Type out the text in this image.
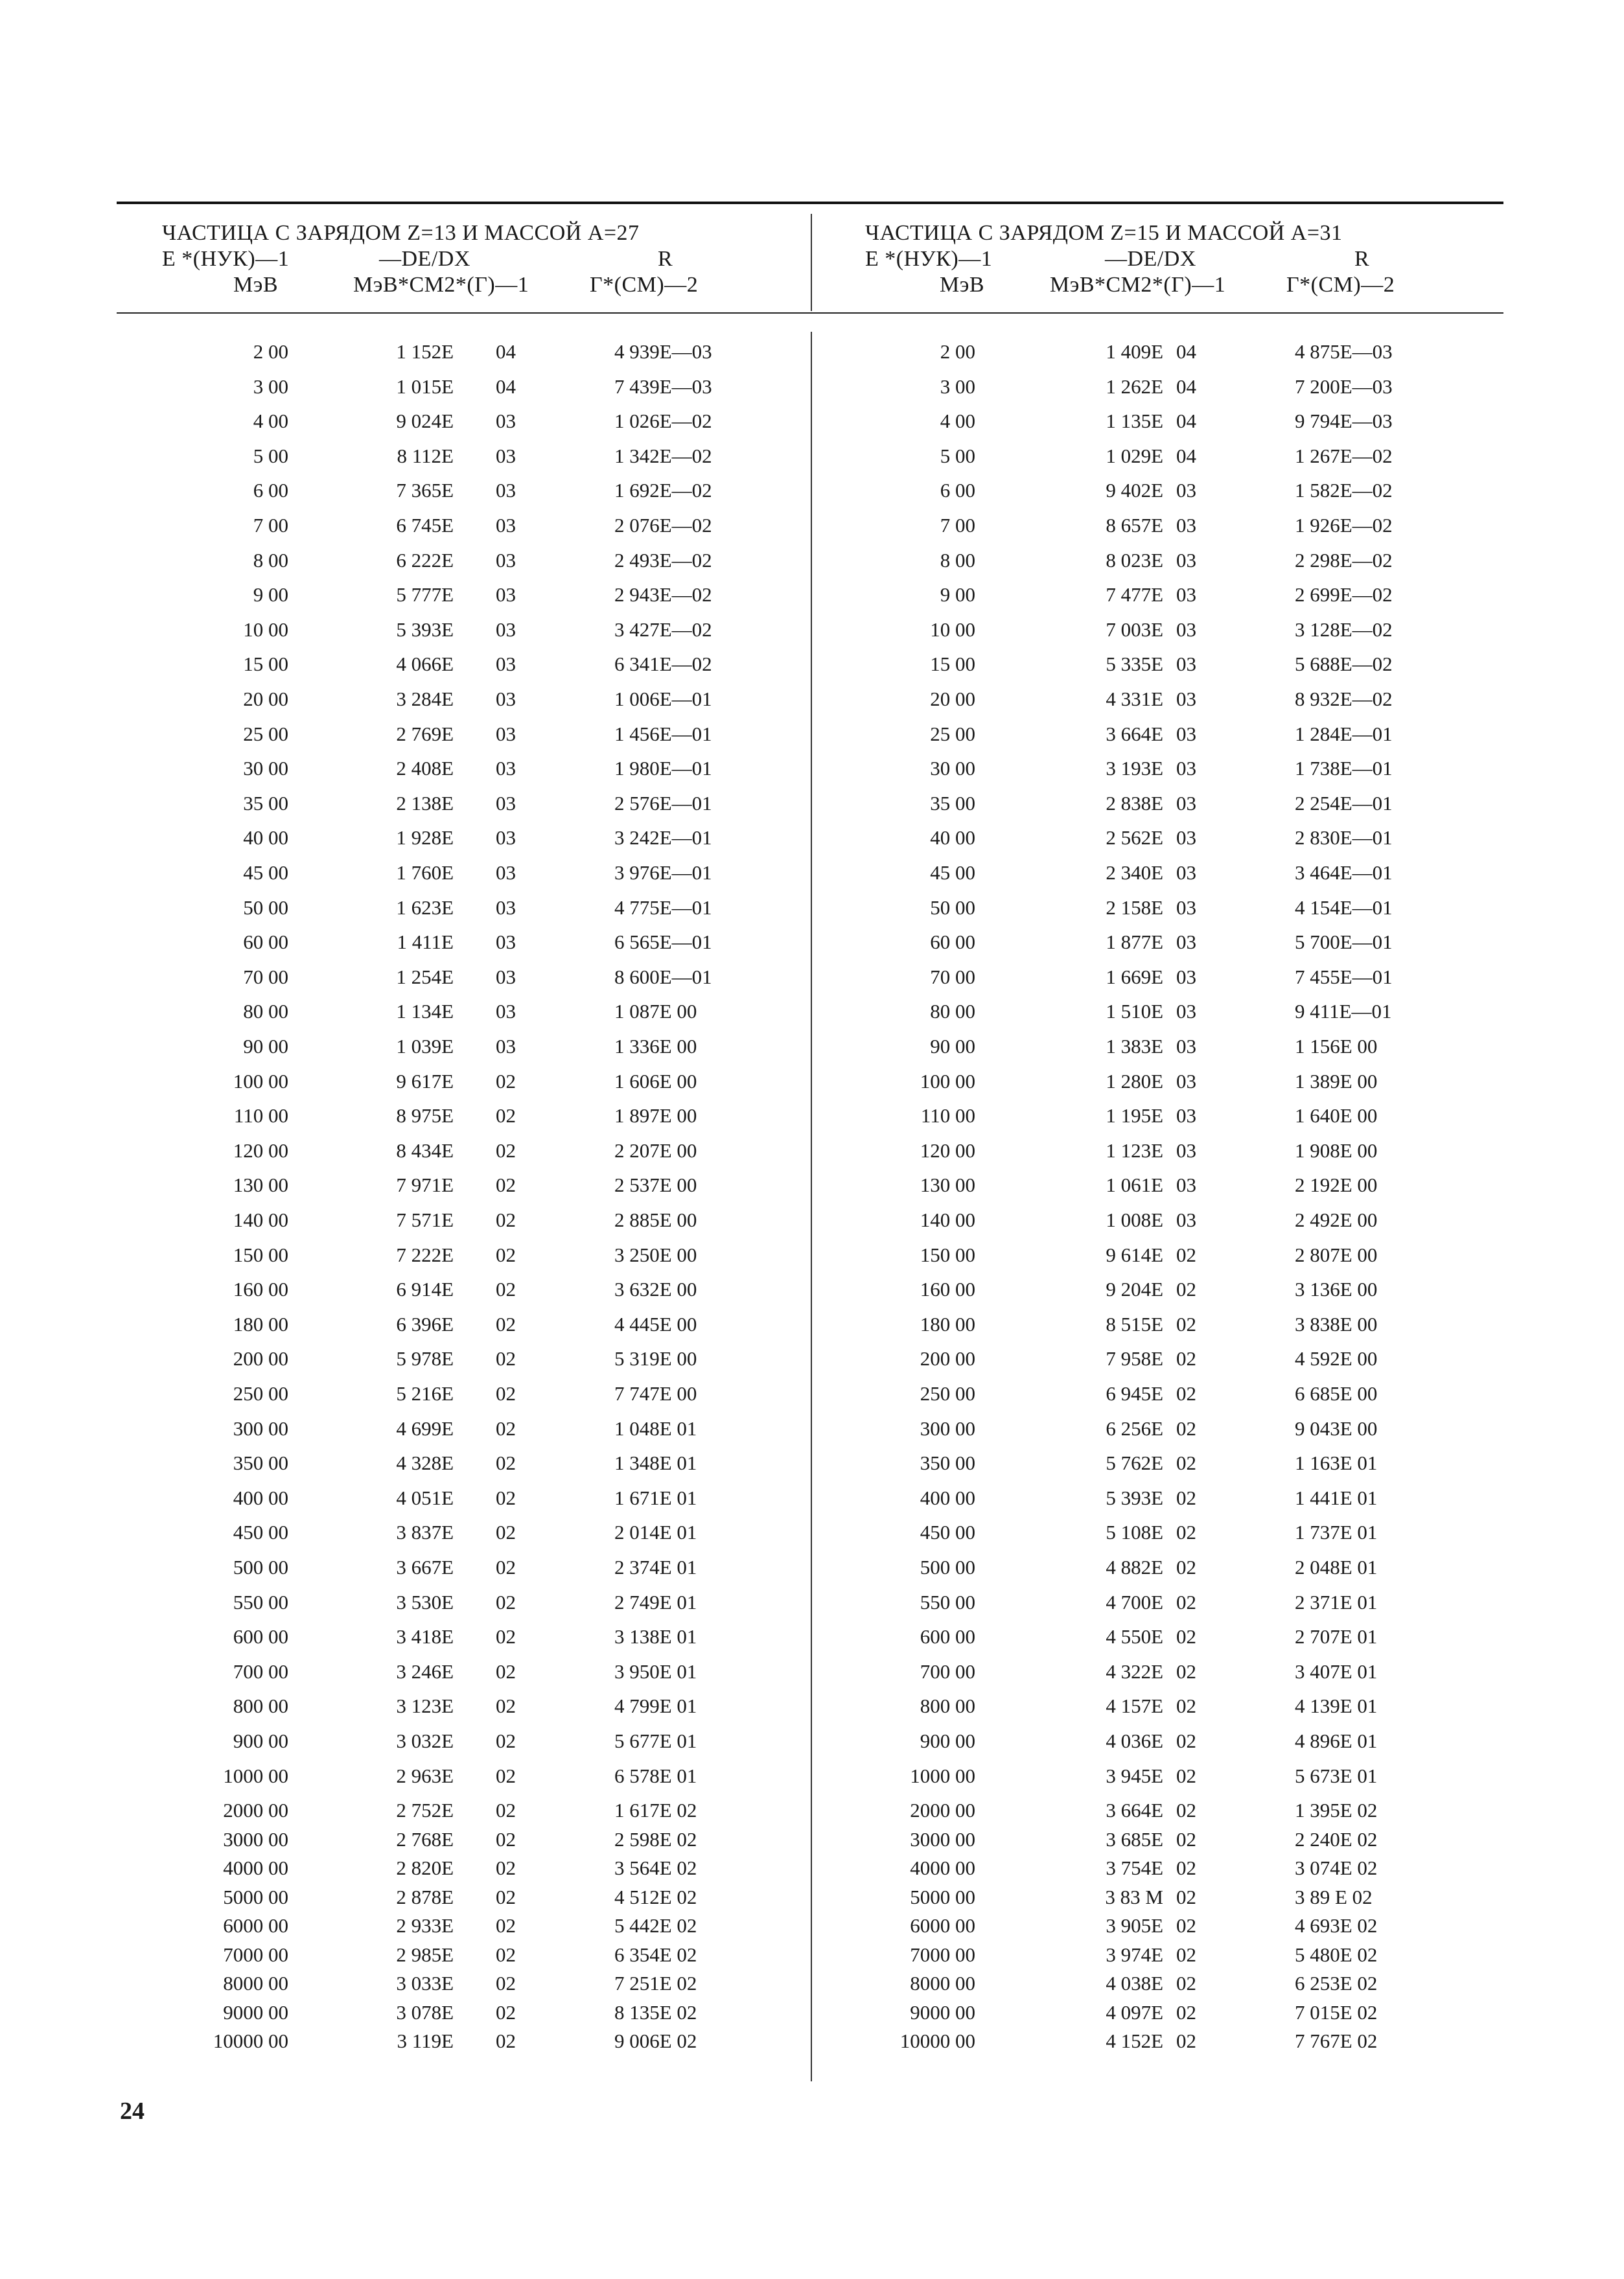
ЧАСТИЦА С ЗАРЯДОМ Z=13 И МАССОЙ A=27
E *(НУК)—1	—DE/DX	R
МэВ	МэВ*СМ2*(Г)—1	Г*(СМ)—2
ЧАСТИЦА С ЗАРЯДОМ Z=15 И МАССОЙ A=31
E *(НУК)—1	—DE/DX	R
МэВ	МэВ*СМ2*(Г)—1	Г*(СМ)—2
2 00	1 152E 04	4 939E—03
3 00	1 015E 04	7 439E—03
4 00	9 024E 03	1 026E—02
5 00	8 112E 03	1 342E—02
6 00	7 365E 03	1 692E—02
7 00	6 745E 03	2 076E—02
8 00	6 222E 03	2 493E—02
9 00	5 777E 03	2 943E—02
10 00	5 393E 03	3 427E—02
15 00	4 066E 03	6 341E—02
20 00	3 284E 03	1 006E—01
25 00	2 769E 03	1 456E—01
30 00	2 408E 03	1 980E—01
35 00	2 138E 03	2 576E—01
40 00	1 928E 03	3 242E—01
45 00	1 760E 03	3 976E—01
50 00	1 623E 03	4 775E—01
60 00	1 411E 03	6 565E—01
70 00	1 254E 03	8 600E—01
80 00	1 134E 03	1 087E 00
90 00	1 039E 03	1 336E 00
100 00	9 617E 02	1 606E 00
110 00	8 975E 02	1 897E 00
120 00	8 434E 02	2 207E 00
130 00	7 971E 02	2 537E 00
140 00	7 571E 02	2 885E 00
150 00	7 222E 02	3 250E 00
160 00	6 914E 02	3 632E 00
180 00	6 396E 02	4 445E 00
200 00	5 978E 02	5 319E 00
250 00	5 216E 02	7 747E 00
300 00	4 699E 02	1 048E 01
350 00	4 328E 02	1 348E 01
400 00	4 051E 02	1 671E 01
450 00	3 837E 02	2 014E 01
500 00	3 667E 02	2 374E 01
550 00	3 530E 02	2 749E 01
600 00	3 418E 02	3 138E 01
700 00	3 246E 02	3 950E 01
800 00	3 123E 02	4 799E 01
900 00	3 032E 02	5 677E 01
1000 00	2 963E 02	6 578E 01
2000 00	2 752E 02	1 617E 02
3000 00	2 768E 02	2 598E 02
4000 00	2 820E 02	3 564E 02
5000 00	2 878E 02	4 512E 02
6000 00	2 933E 02	5 442E 02
7000 00	2 985E 02	6 354E 02
8000 00	3 033E 02	7 251E 02
9000 00	3 078E 02	8 135E 02
10000 00	3 119E 02	9 006E 02
2 00	1 409E 04	4 875E—03
3 00	1 262E 04	7 200E—03
4 00	1 135E 04	9 794E—03
5 00	1 029E 04	1 267E—02
6 00	9 402E 03	1 582E—02
7 00	8 657E 03	1 926E—02
8 00	8 023E 03	2 298E—02
9 00	7 477E 03	2 699E—02
10 00	7 003E 03	3 128E—02
15 00	5 335E 03	5 688E—02
20 00	4 331E 03	8 932E—02
25 00	3 664E 03	1 284E—01
30 00	3 193E 03	1 738E—01
35 00	2 838E 03	2 254E—01
40 00	2 562E 03	2 830E—01
45 00	2 340E 03	3 464E—01
50 00	2 158E 03	4 154E—01
60 00	1 877E 03	5 700E—01
70 00	1 669E 03	7 455E—01
80 00	1 510E 03	9 411E—01
90 00	1 383E 03	1 156E 00
100 00	1 280E 03	1 389E 00
110 00	1 195E 03	1 640E 00
120 00	1 123E 03	1 908E 00
130 00	1 061E 03	2 192E 00
140 00	1 008E 03	2 492E 00
150 00	9 614E 02	2 807E 00
160 00	9 204E 02	3 136E 00
180 00	8 515E 02	3 838E 00
200 00	7 958E 02	4 592E 00
250 00	6 945E 02	6 685E 00
300 00	6 256E 02	9 043E 00
350 00	5 762E 02	1 163E 01
400 00	5 393E 02	1 441E 01
450 00	5 108E 02	1 737E 01
500 00	4 882E 02	2 048E 01
550 00	4 700E 02	2 371E 01
600 00	4 550E 02	2 707E 01
700 00	4 322E 02	3 407E 01
800 00	4 157E 02	4 139E 01
900 00	4 036E 02	4 896E 01
1000 00	3 945E 02	5 673E 01
2000 00	3 664E 02	1 395E 02
3000 00	3 685E 02	2 240E 02
4000 00	3 754E 02	3 074E 02
5000 00	3 83 M 02	3 89 E 02
6000 00	3 905E 02	4 693E 02
7000 00	3 974E 02	5 480E 02
8000 00	4 038E 02	6 253E 02
9000 00	4 097E 02	7 015E 02
10000 00	4 152E 02	7 767E 02
24
